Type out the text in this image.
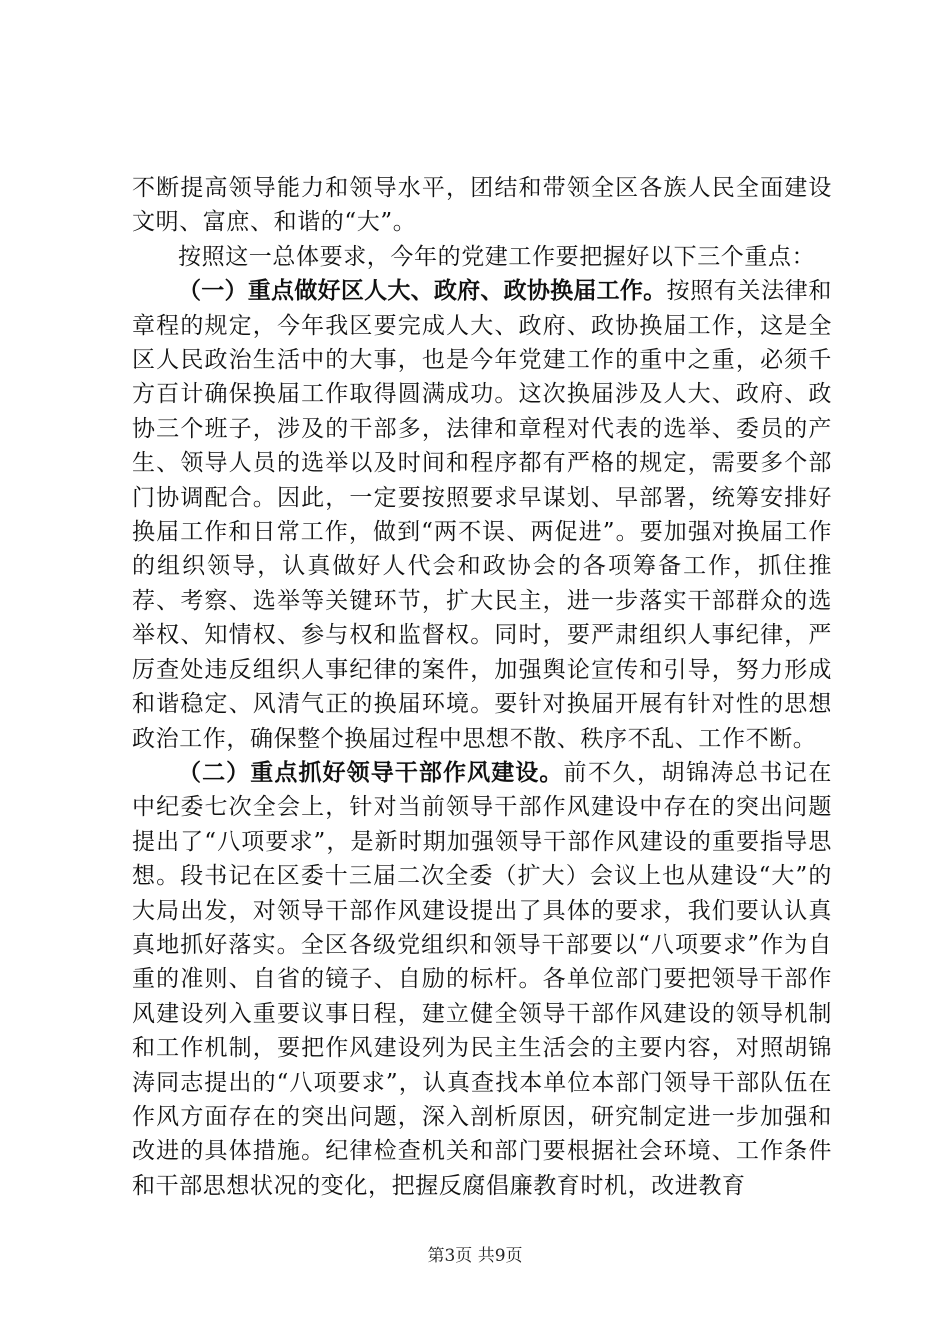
不断提高领导能力和领导水平，团结和带领全区各族人民全面建设文明、富庶、和谐的“大”。

按照这一总体要求，今年的党建工作要把握好以下三个重点：

（一）重点做好区人大、政府、政协换届工作。按照有关法律和章程的规定，今年我区要完成人大、政府、政协换届工作，这是全区人民政治生活中的大事，也是今年党建工作的重中之重，必须千方百计确保换届工作取得圆满成功。这次换届涉及人大、政府、政协三个班子，涉及的干部多，法律和章程对代表的选举、委员的产生、领导人员的选举以及时间和程序都有严格的规定，需要多个部门协调配合。因此，一定要按照要求早谋划、早部署，统筹安排好换届工作和日常工作，做到“两不误、两促进”。要加强对换届工作的组织领导，认真做好人代会和政协会的各项筹备工作，抓住推荐、考察、选举等关键环节，扩大民主，进一步落实干部群众的选举权、知情权、参与权和监督权。同时，要严肃组织人事纪律，严厉查处违反组织人事纪律的案件，加强舆论宣传和引导，努力形成和谐稳定、风清气正的换届环境。要针对换届开展有针对性的思想政治工作，确保整个换届过程中思想不散、秩序不乱、工作不断。

（二）重点抓好领导干部作风建设。前不久，胡锦涛总书记在中纪委七次全会上，针对当前领导干部作风建设中存在的突出问题提出了“八项要求”，是新时期加强领导干部作风建设的重要指导思想。段书记在区委十三届二次全委（扩大）会议上也从建设“大”的大局出发，对领导干部作风建设提出了具体的要求，我们要认认真真地抓好落实。全区各级党组织和领导干部要以“八项要求”作为自重的准则、自省的镜子、自励的标杆。各单位部门要把领导干部作风建设列入重要议事日程，建立健全领导干部作风建设的领导机制和工作机制，要把作风建设列为民主生活会的主要内容，对照胡锦涛同志提出的“八项要求”，认真查找本单位本部门领导干部队伍在作风方面存在的突出问题，深入剖析原因，研究制定进一步加强和改进的具体措施。纪律检查机关和部门要根据社会环境、工作条件和干部思想状况的变化，把握反腐倡廉教育时机，改进教育

第3页 共9页
